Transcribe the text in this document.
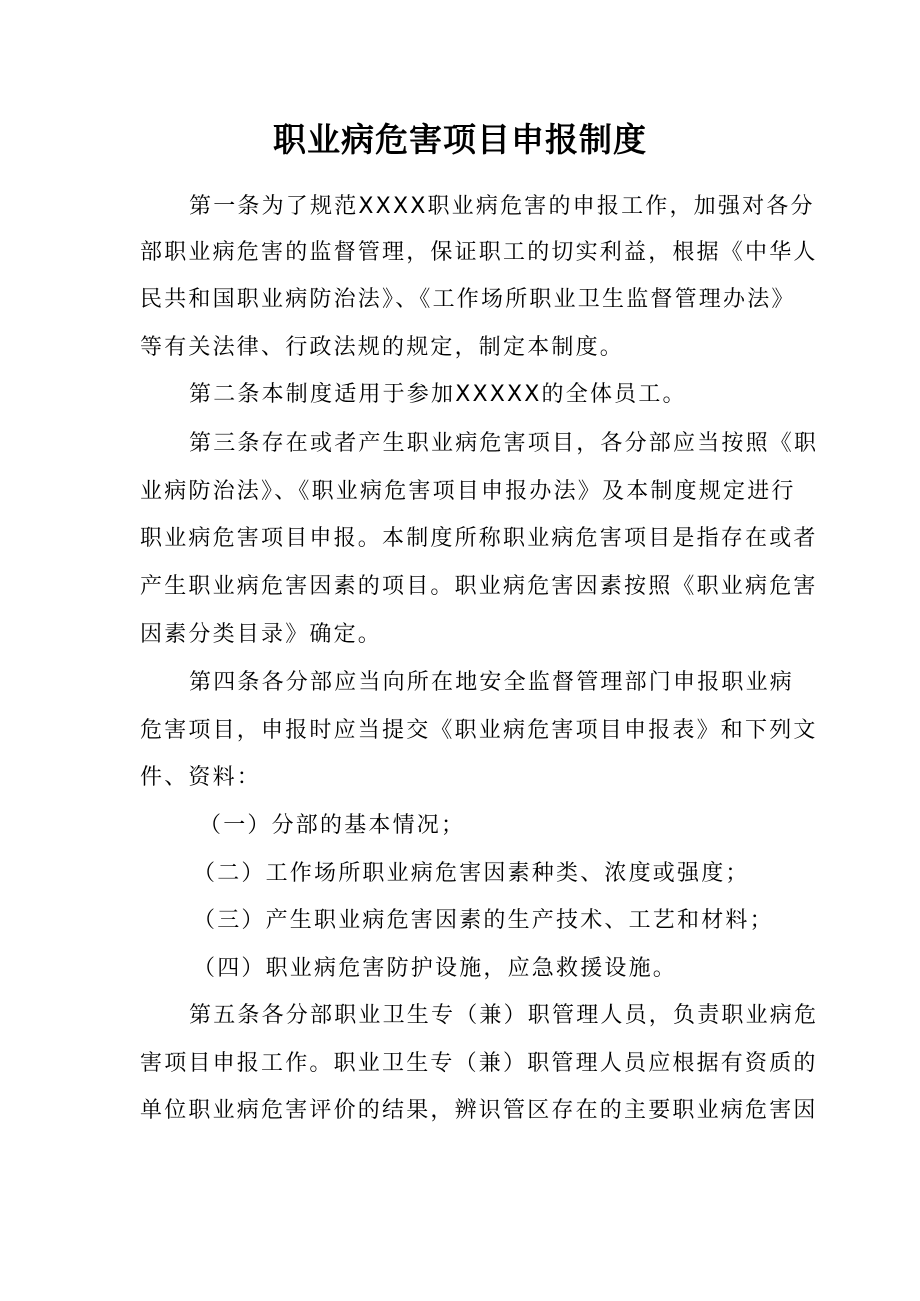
职业病危害项目申报制度

第一条为了规范XXXX职业病危害的申报工作，加强对各分

部职业病危害的监督管理，保证职工的切实利益，根据《中华人

民共和国职业病防治法》、《工作场所职业卫生监督管理办法》

等有关法律、行政法规的规定，制定本制度。

第二条本制度适用于参加XXXXX的全体员工。

第三条存在或者产生职业病危害项目，各分部应当按照《职

业病防治法》、《职业病危害项目申报办法》及本制度规定进行

职业病危害项目申报。本制度所称职业病危害项目是指存在或者

产生职业病危害因素的项目。职业病危害因素按照《职业病危害

因素分类目录》确定。

第四条各分部应当向所在地安全监督管理部门申报职业病

危害项目，申报时应当提交《职业病危害项目申报表》和下列文

件、资料：

（一）分部的基本情况；

（二）工作场所职业病危害因素种类、浓度或强度；

（三）产生职业病危害因素的生产技术、工艺和材料；

（四）职业病危害防护设施，应急救援设施。

第五条各分部职业卫生专（兼）职管理人员，负责职业病危

害项目申报工作。职业卫生专（兼）职管理人员应根据有资质的

单位职业病危害评价的结果，辨识管区存在的主要职业病危害因
